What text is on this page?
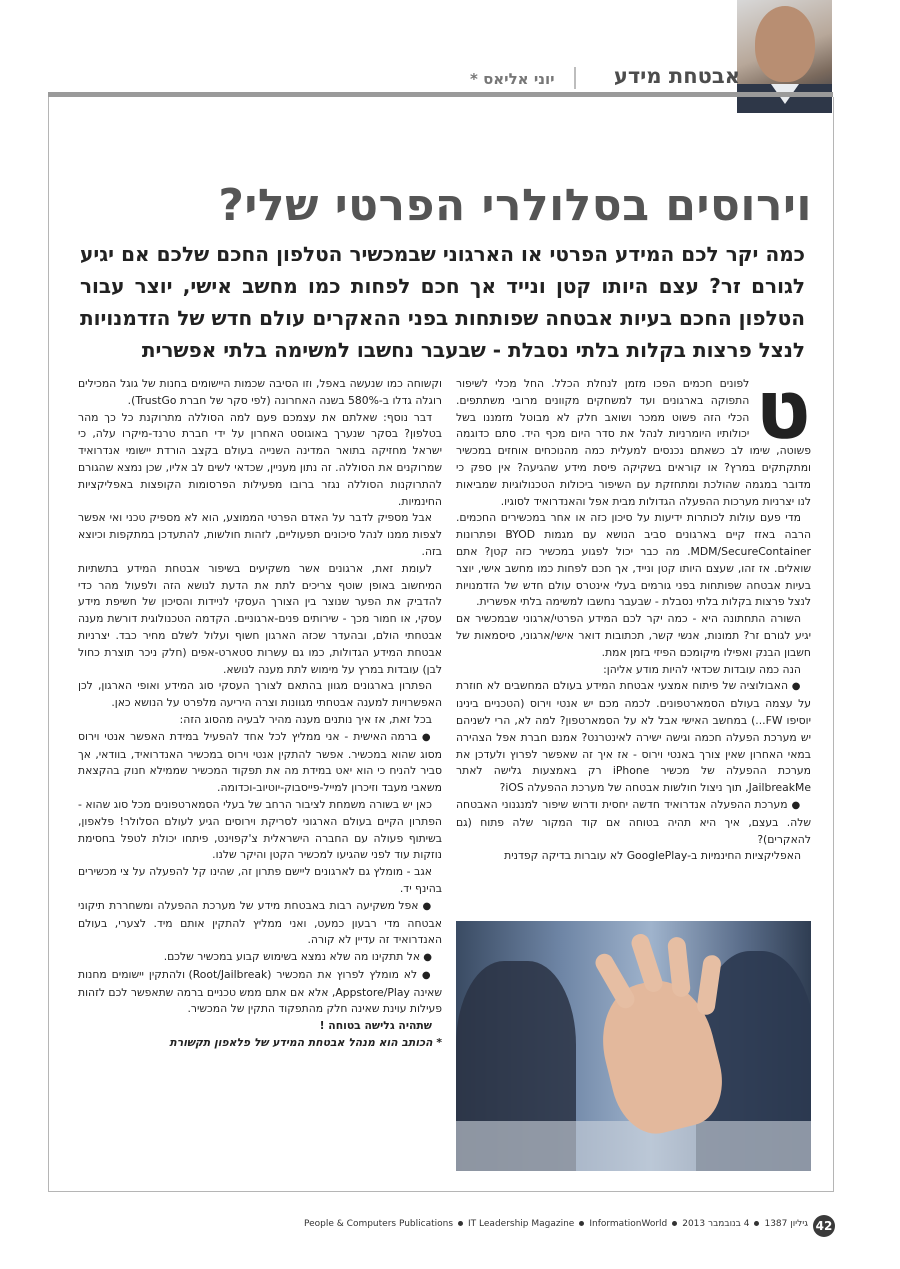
אבטחת מידע
יוני אליאס *
וירוסים בסלולרי הפרטי שלי?
כמה יקר לכם המידע הפרטי או הארגוני שבמכשיר הטלפון החכם שלכם אם יגיע לגורם זר? עצם היותו קטן ונייד אך חכם לפחות כמו מחשב אישי, יוצר עבור הטלפון החכם בעיות אבטחה שפותחות בפני ההאקרים עולם חדש של הזדמנויות לנצל פרצות בקלות בלתי נסבלת - שבעבר נחשבו למשימה בלתי אפשרית
ט

לפונים חכמים הפכו מזמן לנחלת הכלל. החל מכלי לשיפור התפוקה בארגונים ועד למשחקים מקוונים מרובי משתתפים. הכלי הזה פשוט ממכר ושואב חלק לא מבוטל מזמננו בשל יכולותיו היומרניות לנהל את סדר היום מכף היד. סתם כדוגמה פשוטה, שימו לב כשאתם נכנסים למעלית כמה מהנוכחים אוחזים במכשיר ומתקתקים במרץ? או קוראים בשקיקה פיסת מידע שהגיעה? אין ספק כי מדובר במגמה שהולכת ומתחזקת עם השיפור ביכולות הטכנולוגיות שמביאות לנו יצרניות מערכות ההפעלה הגדולות מבית אפל והאנדרואיד לסוגיו.

מדי פעם עולות לכותרות ידיעות על סיכון כזה או אחר במכשירים החכמים. הרבה באזז קיים בארגונים סביב הנושא עם מגמות BYOD ופתרונות MDM/SecureContainer. מה כבר יכול לפגוע במכשיר כזה קטן? אתם שואלים. אז זהו, שעצם היותו קטן ונייד, אך חכם לפחות כמו מחשב אישי, יוצר בעיות אבטחה שפותחות בפני גורמים בעלי אינטרס עולם חדש של הזדמנויות לנצל פרצות בקלות בלתי נסבלת - שבעבר נחשבו למשימה בלתי אפשרית.

השורה התחתונה היא - כמה יקר לכם המידע הפרטי/ארגוני שבמכשיר אם יגיע לגורם זר? תמונות, אנשי קשר, תכתובות דואר אישי/ארגוני, סיסמאות של חשבון הבנק ואפילו מיקומכם הפיזי בזמן אמת.

הנה כמה עובדות שכדאי להיות מודע אליהן:

● האבולוציה של פיתוח אמצעי אבטחת המידע בעולם המחשבים לא חוזרת על עצמה בעולם הסמארטפונים. לכמה מכם יש אנטי וירוס (הטכניים בינינו יוסיפו FW...) במחשב האישי אבל לא על הסמארטפון? למה לא, הרי לשניהם יש מערכת הפעלה חכמה וגישה ישירה לאינטרנט? אמנם חברת אפל הצהירה במאי האחרון שאין צורך באנטי וירוס - אז איך זה שאפשר לפרוץ ולעדכן את מערכת ההפעלה של מכשיר iPhone רק באמצעות גלישה לאתר JailbreakMe, תוך ניצול חולשות אבטחה של מערכת ההפעלה iOS?

● מערכת ההפעלה אנדרואיד חדשה יחסית ודרוש שיפור למנגנוני האבטחה שלה. בעצם, איך היא תהיה בטוחה אם קוד המקור שלה פתוח (גם להאקרים)?

האפליקציות החינמיות ב-GooglePlay לא עוברות בדיקה קפדנית

וקשוחה כמו שנעשה באפל, וזו הסיבה שכמות היישומים בחנות של גוגל המכילים רוגלה גדלו ב-580% בשנה האחרונה (לפי סקר של חברת TrustGo).

דבר נוסף: שאלתם את עצמכם פעם למה הסוללה מתרוקנת כל כך מהר בטלפון? בסקר שנערך באוגוסט האחרון על ידי חברת טרנד-מיקרו עלה, כי ישראל מחזיקה בתואר המדינה השנייה בעולם בקצב הורדת יישומי אנדרואיד שמרוקנים את הסוללה. זה נתון מעניין, שכדאי לשים לב אליו, שכן נמצא שהגורם להתרוקנות הסוללה נגזר ברובו מפעילות הפרסומות הקופצות באפליקציות החינמיות.

אבל מספיק לדבר על האדם הפרטי הממוצע, הוא לא מספיק טכני ואי אפשר לצפות ממנו לנהל סיכונים תפעוליים, לזהות חולשות, להתעדכן במתקפות וכיוצא בזה.

לעומת זאת, ארגונים אשר משקיעים בשיפור אבטחת המידע בתשתיות המיחשוב באופן שוטף צריכים לתת את הדעת לנושא הזה ולפעול מהר כדי להדביק את הפער שנוצר בין הצורך העסקי לניידות והסיכון של חשיפת מידע עסקי, או חמור מכך - שירותים פנים-ארגוניים. הקדמה הטכנולוגית דורשת מענה אבטחתי הולם, ובהעדר שכזה הארגון חשוף ועלול לשלם מחיר כבד. יצרניות אבטחת המידע הגדולות, כמו גם עשרות סטארט-אפים (חלק ניכר תוצרת כחול לבן) עובדות במרץ על מימוש לתת מענה לנושא.

הפתרון בארגונים מגוון בהתאם לצורך העסקי סוג המידע ואופי הארגון, לכן האפשרויות למענה אבטחתי מגוונות וצרה היריעה מלפרט על הנושא כאן.

בכל זאת, אז איך נותנים מענה מהיר לבעיה מהסוג הזה:

● ברמה האישית - אני ממליץ לכל אחד להפעיל במידת האפשר אנטי וירוס מסוג שהוא במכשיר. אפשר להתקין אנטי וירוס במכשיר האנדרואיד, בוודאי, אך סביר להניח כי הוא יאט במידת מה את תפקוד המכשיר שממילא חנוק בהקצאת משאבי מעבד וזיכרון למייל-פייסבוק-יוטיוב-וכדומה.

כאן יש בשורה משמחת לציבור הרחב של בעלי הסמארטפונים מכל סוג שהוא - הפתרון הקיים בעולם הארגוני לסריקת וירוסים הגיע לעולם הסלולר! פלאפון, בשיתוף פעולה עם החברה הישראלית צ'קפוינט, פיתחו יכולת לטפל בחסימת נוזקות עוד לפני שהגיעו למכשיר הקטן והיקר שלנו.

אגב - מומלץ גם לארגונים ליישם פתרון זה, שהינו קל להפעלה על צי מכשירים בהינף יד.

● אפל משקיעה רבות באבטחת מידע של מערכת ההפעלה ומשחררת תיקוני אבטחה מדי רבעון כמעט, ואני ממליץ להתקין אותם מיד. לצערי, בעולם האנדרואיד זה עדיין לא קורה.

● אל תתקינו מה שלא נמצא בשימוש קבוע במכשיר שלכם.

● לא מומלץ לפרוץ את המכשיר (Root/Jailbreak) ולהתקין יישומים מחנות שאינה Appstore/Play, אלא אם אתם ממש טכניים ברמה שתאפשר לכם לזהות פעילות עוינת שאינה חלק מהתפקוד התקין של המכשיר.

שתהיה גלישה בטוחה !

* הכותב הוא מנהל אבטחת המידע של פלאפון תקשורת

42
People & Computers Publications IT Leadership Magazine InformationWorld 4 בנובמבר 2013 גיליון 1387
